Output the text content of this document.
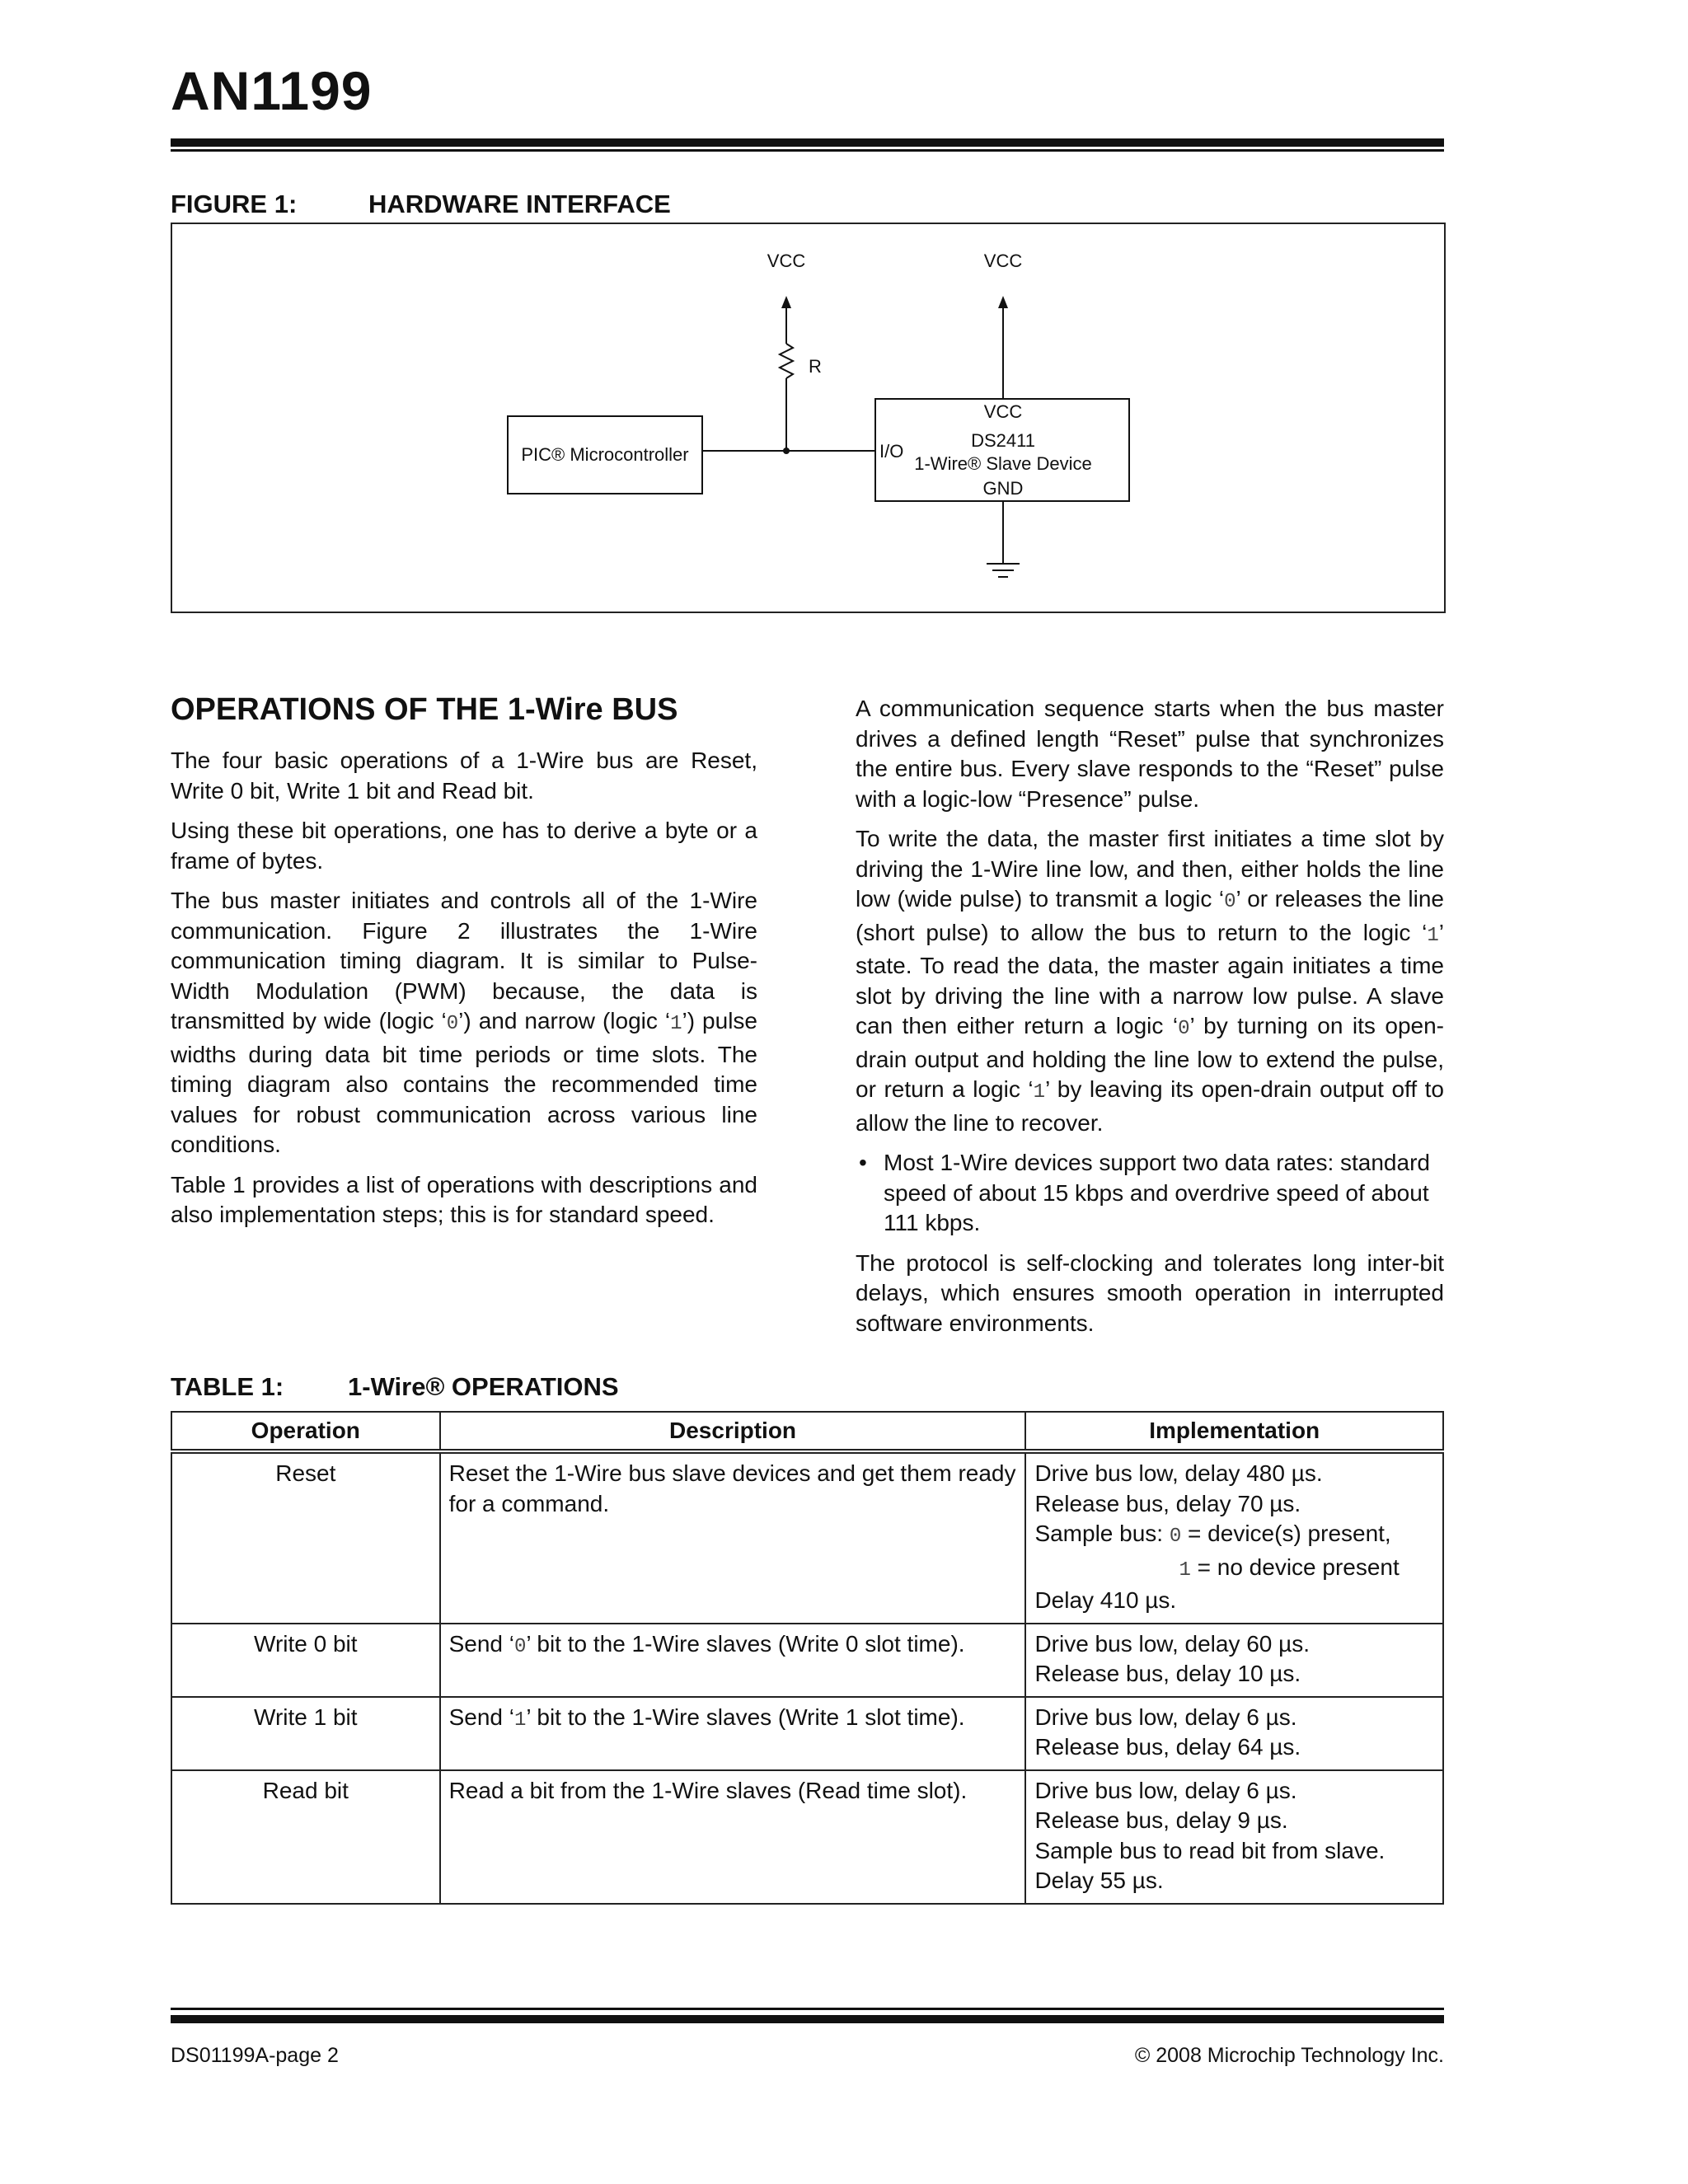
AN1199
FIGURE 1:	HARDWARE INTERFACE
VCC	VCC
R
PIC® Microcontroller	I/O
VCC
DS2411
1-Wire® Slave Device
GND
OPERATIONS OF THE 1-Wire BUS

The four basic operations of a 1-Wire bus are Reset, Write 0 bit, Write 1 bit and Read bit.

Using these bit operations, one has to derive a byte or a frame of bytes.

The bus master initiates and controls all of the 1-Wire communication. Figure 2 illustrates the 1-Wire communication timing diagram. It is similar to Pulse-Width Modulation (PWM) because, the data is transmitted by wide (logic ‘0’) and narrow (logic ‘1’) pulse widths during data bit time periods or time slots. The timing diagram also contains the recommended time values for robust communication across various line conditions.

Table 1 provides a list of operations with descriptions and also implementation steps; this is for standard speed.

A communication sequence starts when the bus master drives a defined length “Reset” pulse that synchronizes the entire bus. Every slave responds to the “Reset” pulse with a logic-low “Presence” pulse.

To write the data, the master first initiates a time slot by driving the 1-Wire line low, and then, either holds the line low (wide pulse) to transmit a logic ‘0’ or releases the line (short pulse) to allow the bus to return to the logic ‘1’ state. To read the data, the master again initiates a time slot by driving the line with a narrow low pulse. A slave can then either return a logic ‘0’ by turning on its open-drain output and holding the line low to extend the pulse, or return a logic ‘1’ by leaving its open-drain output off to allow the line to recover.

• Most 1-Wire devices support two data rates: standard speed of about 15 kbps and overdrive speed of about 111 kbps.

The protocol is self-clocking and tolerates long inter-bit delays, which ensures smooth operation in interrupted software environments.

TABLE 1:	1-Wire® OPERATIONS
Operation	Description	Implementation
Reset	Reset the 1-Wire bus slave devices and get them ready for a command.	Drive bus low, delay 480 µs.
Release bus, delay 70 µs.
Sample bus: 0 = device(s) present,
1 = no device present
Delay 410 µs.

Write 0 bit	Send ‘0’ bit to the 1-Wire slaves (Write 0 slot time).	Drive bus low, delay 60 µs.
Release bus, delay 10 µs.

Write 1 bit	Send ‘1’ bit to the 1-Wire slaves (Write 1 slot time).	Drive bus low, delay 6 µs.
Release bus, delay 64 µs.

Read bit	Read a bit from the 1-Wire slaves (Read time slot).	Drive bus low, delay 6 µs.
Release bus, delay 9 µs.
Sample bus to read bit from slave.
Delay 55 µs.
DS01199A-page 2	© 2008 Microchip Technology Inc.
